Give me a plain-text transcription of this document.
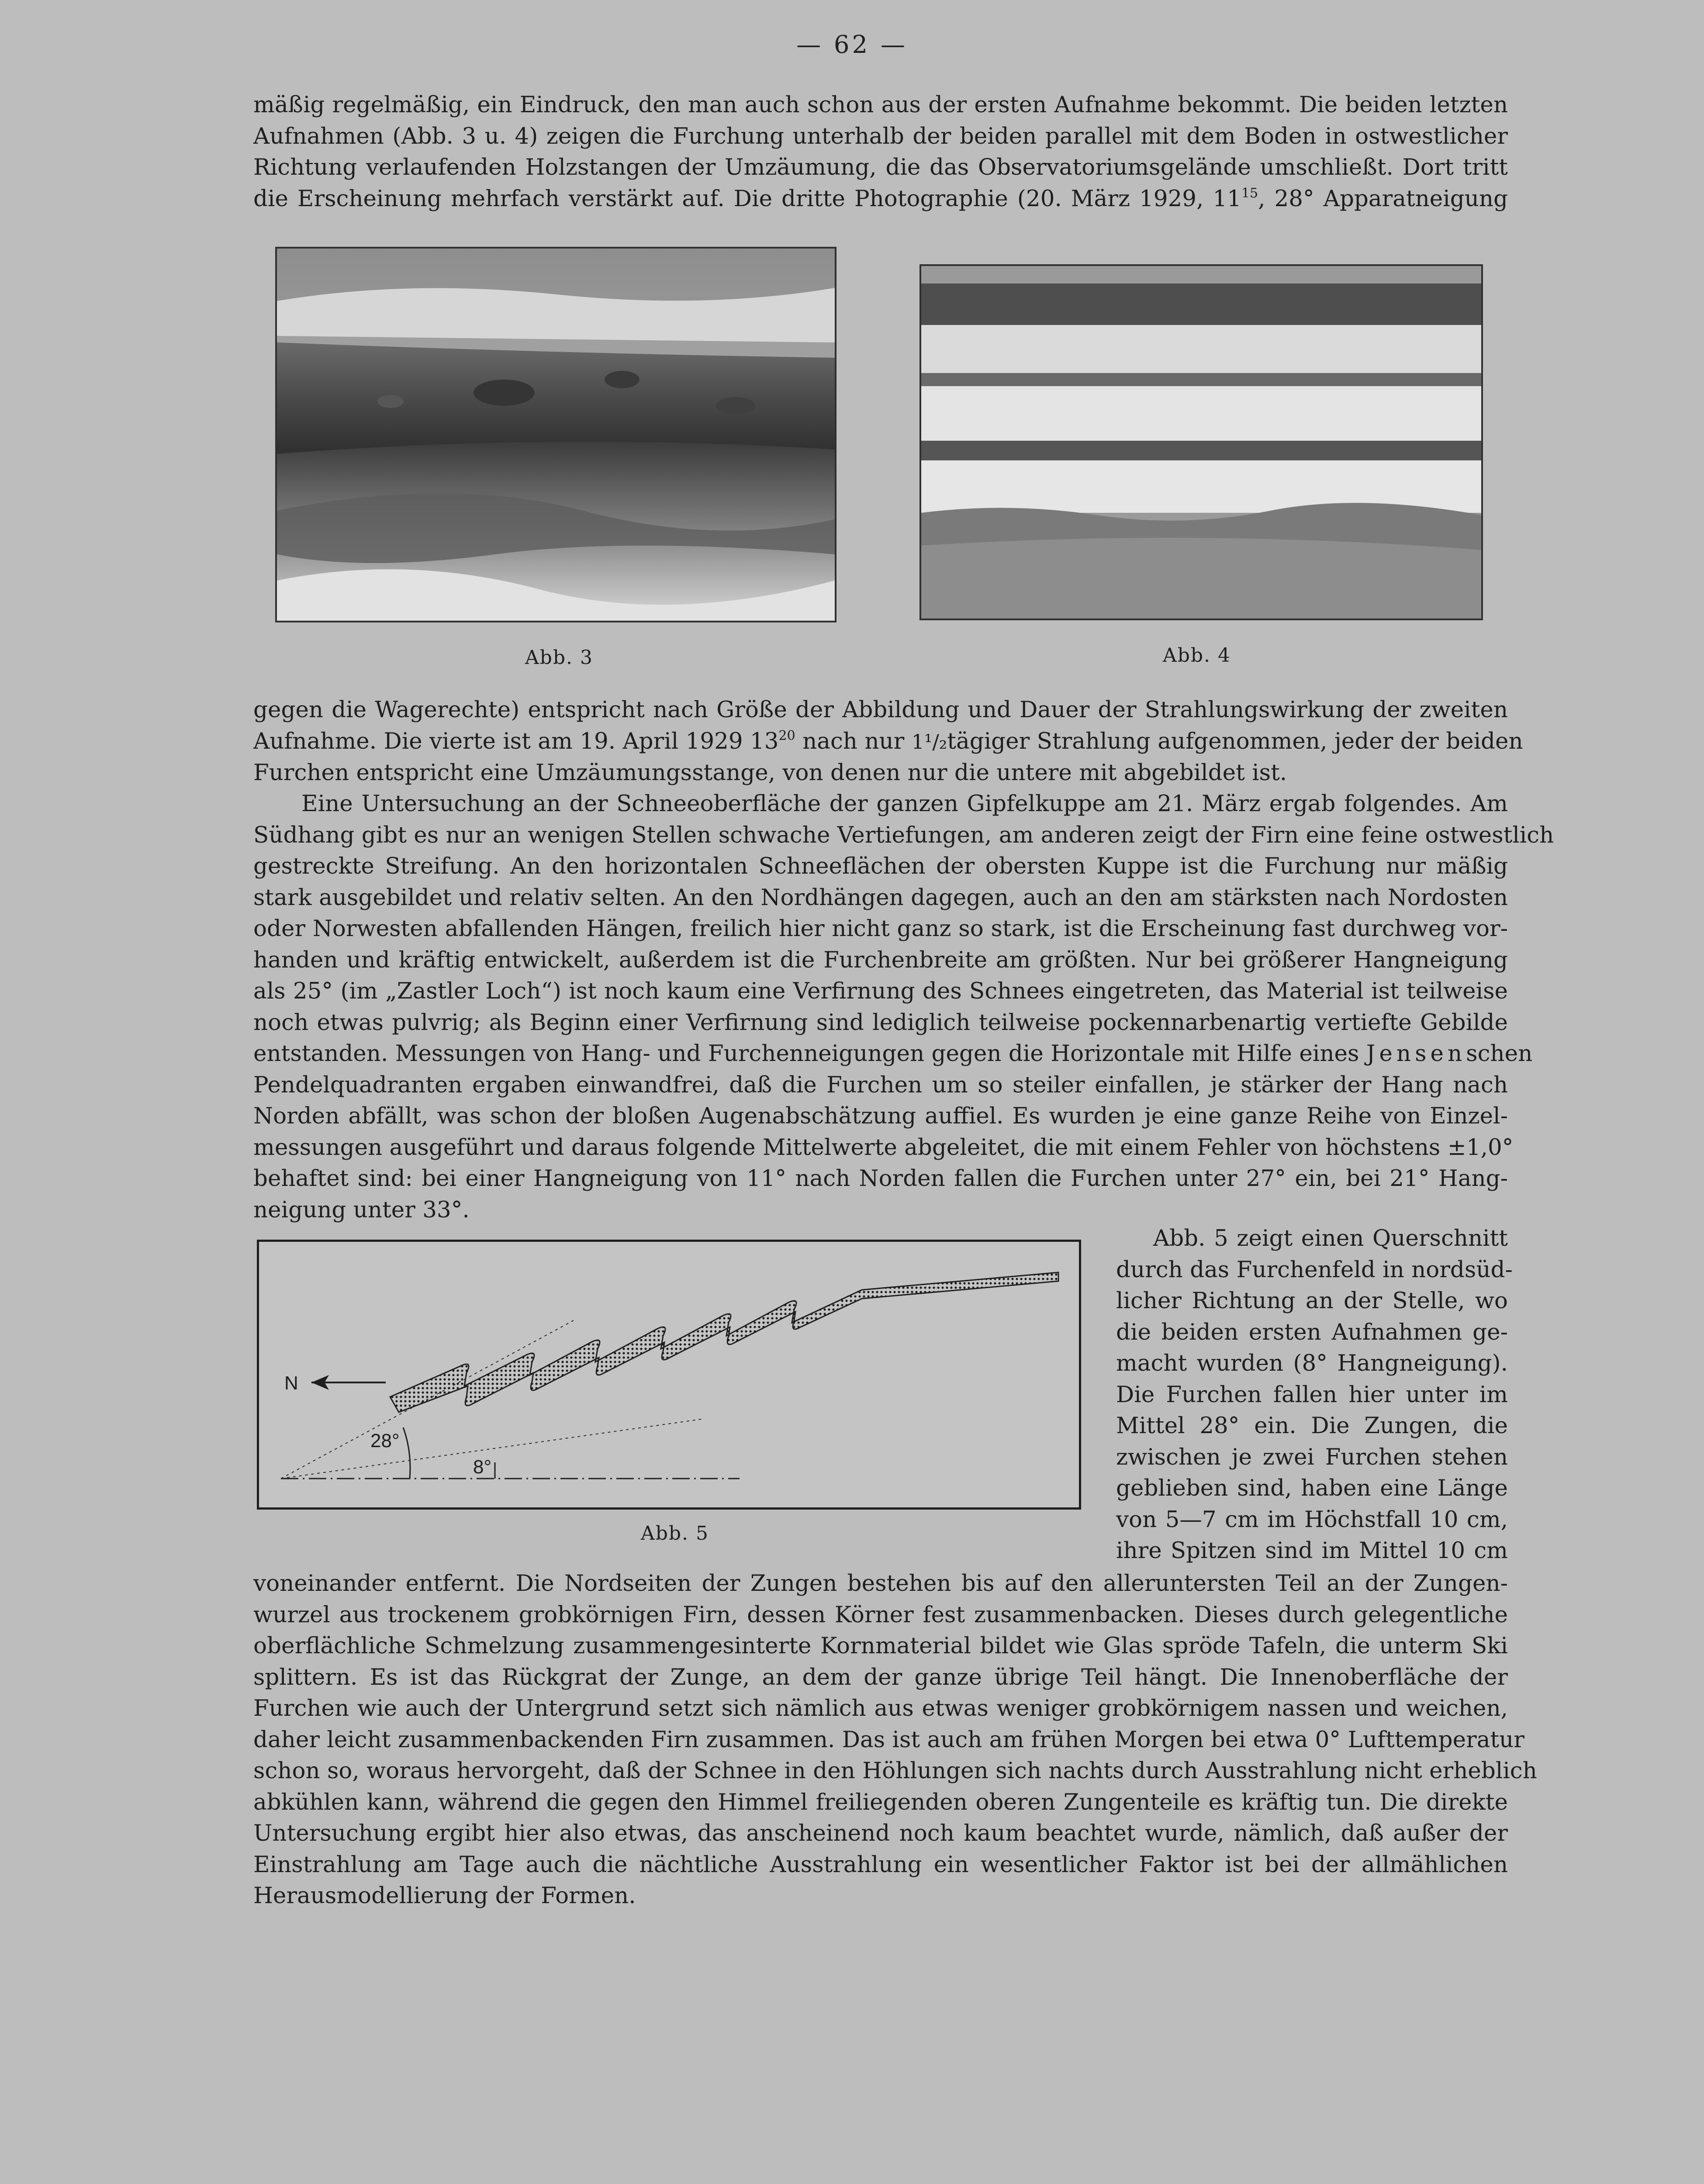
— 62 —
mäßig regelmäßig, ein Eindruck, den man auch schon aus der ersten Aufnahme bekommt. Die beiden letzten
Aufnahmen (Abb. 3 u. 4) zeigen die Furchung unterhalb der beiden parallel mit dem Boden in ostwestlicher
Richtung verlaufenden Holzstangen der Umzäumung, die das Observatoriumsgelände umschließt. Dort tritt
die Erscheinung mehrfach verstärkt auf. Die dritte Photographie (20. März 1929, $11^{15}$, 28° Apparatneigung
Abb. 3	Abb. 4
gegen die Wagerechte) entspricht nach Größe der Abbildung und Dauer der Strahlungswirkung der zweiten
Aufnahme. Die vierte ist am 19. April 1929 $13^{20}$ nach nur 1¹/₂tägiger Strahlung aufgenommen, jeder der beiden
Furchen entspricht eine Umzäumungsstange, von denen nur die untere mit abgebildet ist.
Eine Untersuchung an der Schneeoberfläche der ganzen Gipfelkuppe am 21. März ergab folgendes. Am
Südhang gibt es nur an wenigen Stellen schwache Vertiefungen, am anderen zeigt der Firn eine feine ostwestlich
gestreckte Streifung. An den horizontalen Schneeflächen der obersten Kuppe ist die Furchung nur mäßig
stark ausgebildet und relativ selten. An den Nordhängen dagegen, auch an den am stärksten nach Nordosten
oder Norwesten abfallenden Hängen, freilich hier nicht ganz so stark, ist die Erscheinung fast durchweg vor-
handen und kräftig entwickelt, außerdem ist die Furchenbreite am größten. Nur bei größerer Hangneigung
als 25° (im „Zastler Loch“) ist noch kaum eine Verfirnung des Schnees eingetreten, das Material ist teilweise
noch etwas pulvrig; als Beginn einer Verfirnung sind lediglich teilweise pockennarbenartig vertiefte Gebilde
entstanden. Messungen von Hang- und Furchenneigungen gegen die Horizontale mit Hilfe eines Jensenschen
Pendelquadranten ergaben einwandfrei, daß die Furchen um so steiler einfallen, je stärker der Hang nach
Norden abfällt, was schon der bloßen Augenabschätzung auffiel. Es wurden je eine ganze Reihe von Einzel-
messungen ausgeführt und daraus folgende Mittelwerte abgeleitet, die mit einem Fehler von höchstens ±1,0°
behaftet sind: bei einer Hangneigung von 11° nach Norden fallen die Furchen unter 27° ein, bei 21° Hang-
neigung unter 33°.
N
28°
8°
Abb. 5
Abb. 5 zeigt einen Querschnitt
durch das Furchenfeld in nordsüd-
licher Richtung an der Stelle, wo
die beiden ersten Aufnahmen ge-
macht wurden (8° Hangneigung).
Die Furchen fallen hier unter im
Mittel 28° ein. Die Zungen, die
zwischen je zwei Furchen stehen
geblieben sind, haben eine Länge
von 5—7 cm im Höchstfall 10 cm,
ihre Spitzen sind im Mittel 10 cm
voneinander entfernt. Die Nordseiten der Zungen bestehen bis auf den alleruntersten Teil an der Zungen-
wurzel aus trockenem grobkörnigen Firn, dessen Körner fest zusammenbacken. Dieses durch gelegentliche
oberflächliche Schmelzung zusammengesinterte Kornmaterial bildet wie Glas spröde Tafeln, die unterm Ski
splittern. Es ist das Rückgrat der Zunge, an dem der ganze übrige Teil hängt. Die Innenoberfläche der
Furchen wie auch der Untergrund setzt sich nämlich aus etwas weniger grobkörnigem nassen und weichen,
daher leicht zusammenbackenden Firn zusammen. Das ist auch am frühen Morgen bei etwa 0° Lufttemperatur
schon so, woraus hervorgeht, daß der Schnee in den Höhlungen sich nachts durch Ausstrahlung nicht erheblich
abkühlen kann, während die gegen den Himmel freiliegenden oberen Zungenteile es kräftig tun. Die direkte
Untersuchung ergibt hier also etwas, das anscheinend noch kaum beachtet wurde, nämlich, daß außer der
Einstrahlung am Tage auch die nächtliche Ausstrahlung ein wesentlicher Faktor ist bei der allmählichen
Herausmodellierung der Formen.
